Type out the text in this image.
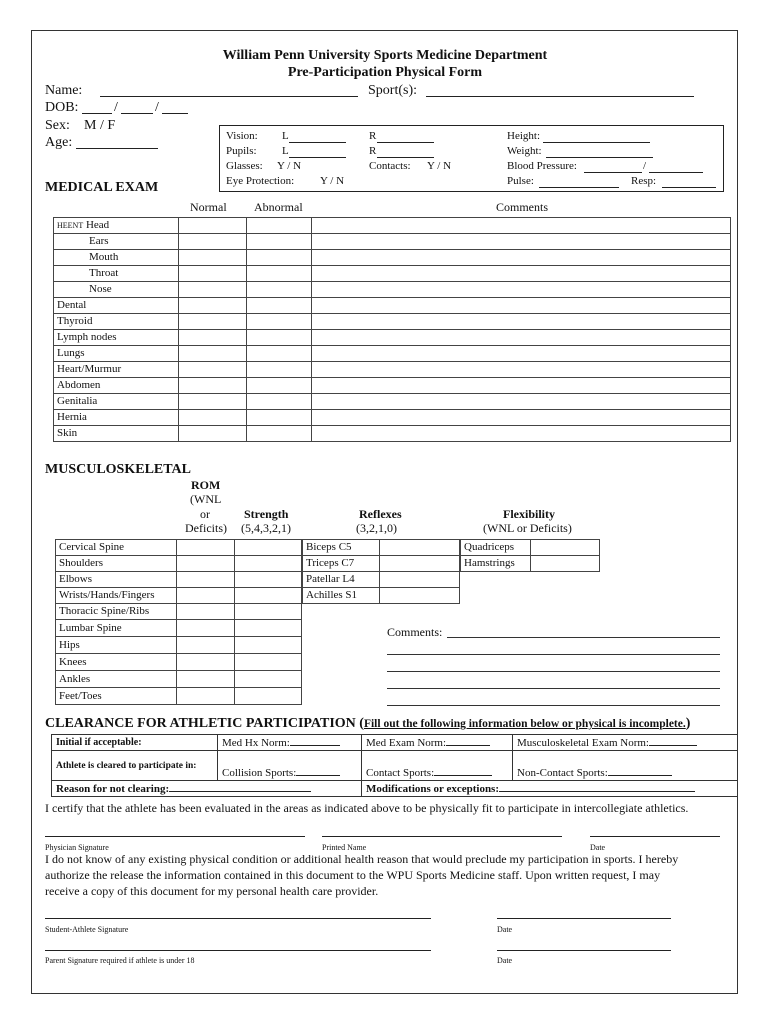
William Penn University Sports Medicine Department
Pre-Participation Physical Form
Name:	Sport(s):
DOB:	/	/
Sex: M / F
Age:	Vision: L	R	Height:
Pupils: L	R	Weight:
Glasses: Y / N	Contacts: Y / N	Blood Pressure:	/
Eye Protection: Y / N	Pulse:	Resp:
MEDICAL EXAM
Normal Abnormal	Comments
HEENT Head			
Ears			
Mouth			
Throat			
Nose			
Dental			
Thyroid			
Lymph nodes			
Lungs			
Heart/Murmur			
Abdomen			
Genitalia			
Hernia			
Skin			
MUSCULOSKELETAL
ROM
(WNL
or
Deficits)
Strength
(5,4,3,2,1)
Reflexes
(3,2,1,0)
Flexibility
(WNL or Deficits)
Cervical Spine		
Shoulders		
Elbows		
Wrists/Hands/Fingers		
Thoracic Spine/Ribs		
Lumbar Spine		
Hips		
Knees		
Ankles		
Feet/Toes		
Biceps C5	
Triceps C7	
Patellar L4	
Achilles S1	
Quadriceps	
Hamstrings	
Comments:
CLEARANCE FOR ATHLETIC PARTICIPATION (Fill out the following information below or physical is incomplete.)
Initial if acceptable:	Med Hx Norm:	Med Exam Norm:	Musculoskeletal Exam Norm:
Athlete is cleared to participate in:	Collision Sports:	Contact Sports:	Non-Contact Sports:
Reason for not clearing:		Modifications or exceptions:	
I certify that the athlete has been evaluated in the areas as indicated above to be physically fit to participate in intercollegiate athletics.
Physician Signature	Printed Name	Date
I do not know of any existing physical condition or additional health reason that would preclude my participation in sports. I hereby
authorize the release the information contained in this document to the WPU Sports Medicine staff. Upon written request, I may
receive a copy of this document for my personal health care provider.
Student-Athlete Signature	Date
Parent Signature required if athlete is under 18	Date
